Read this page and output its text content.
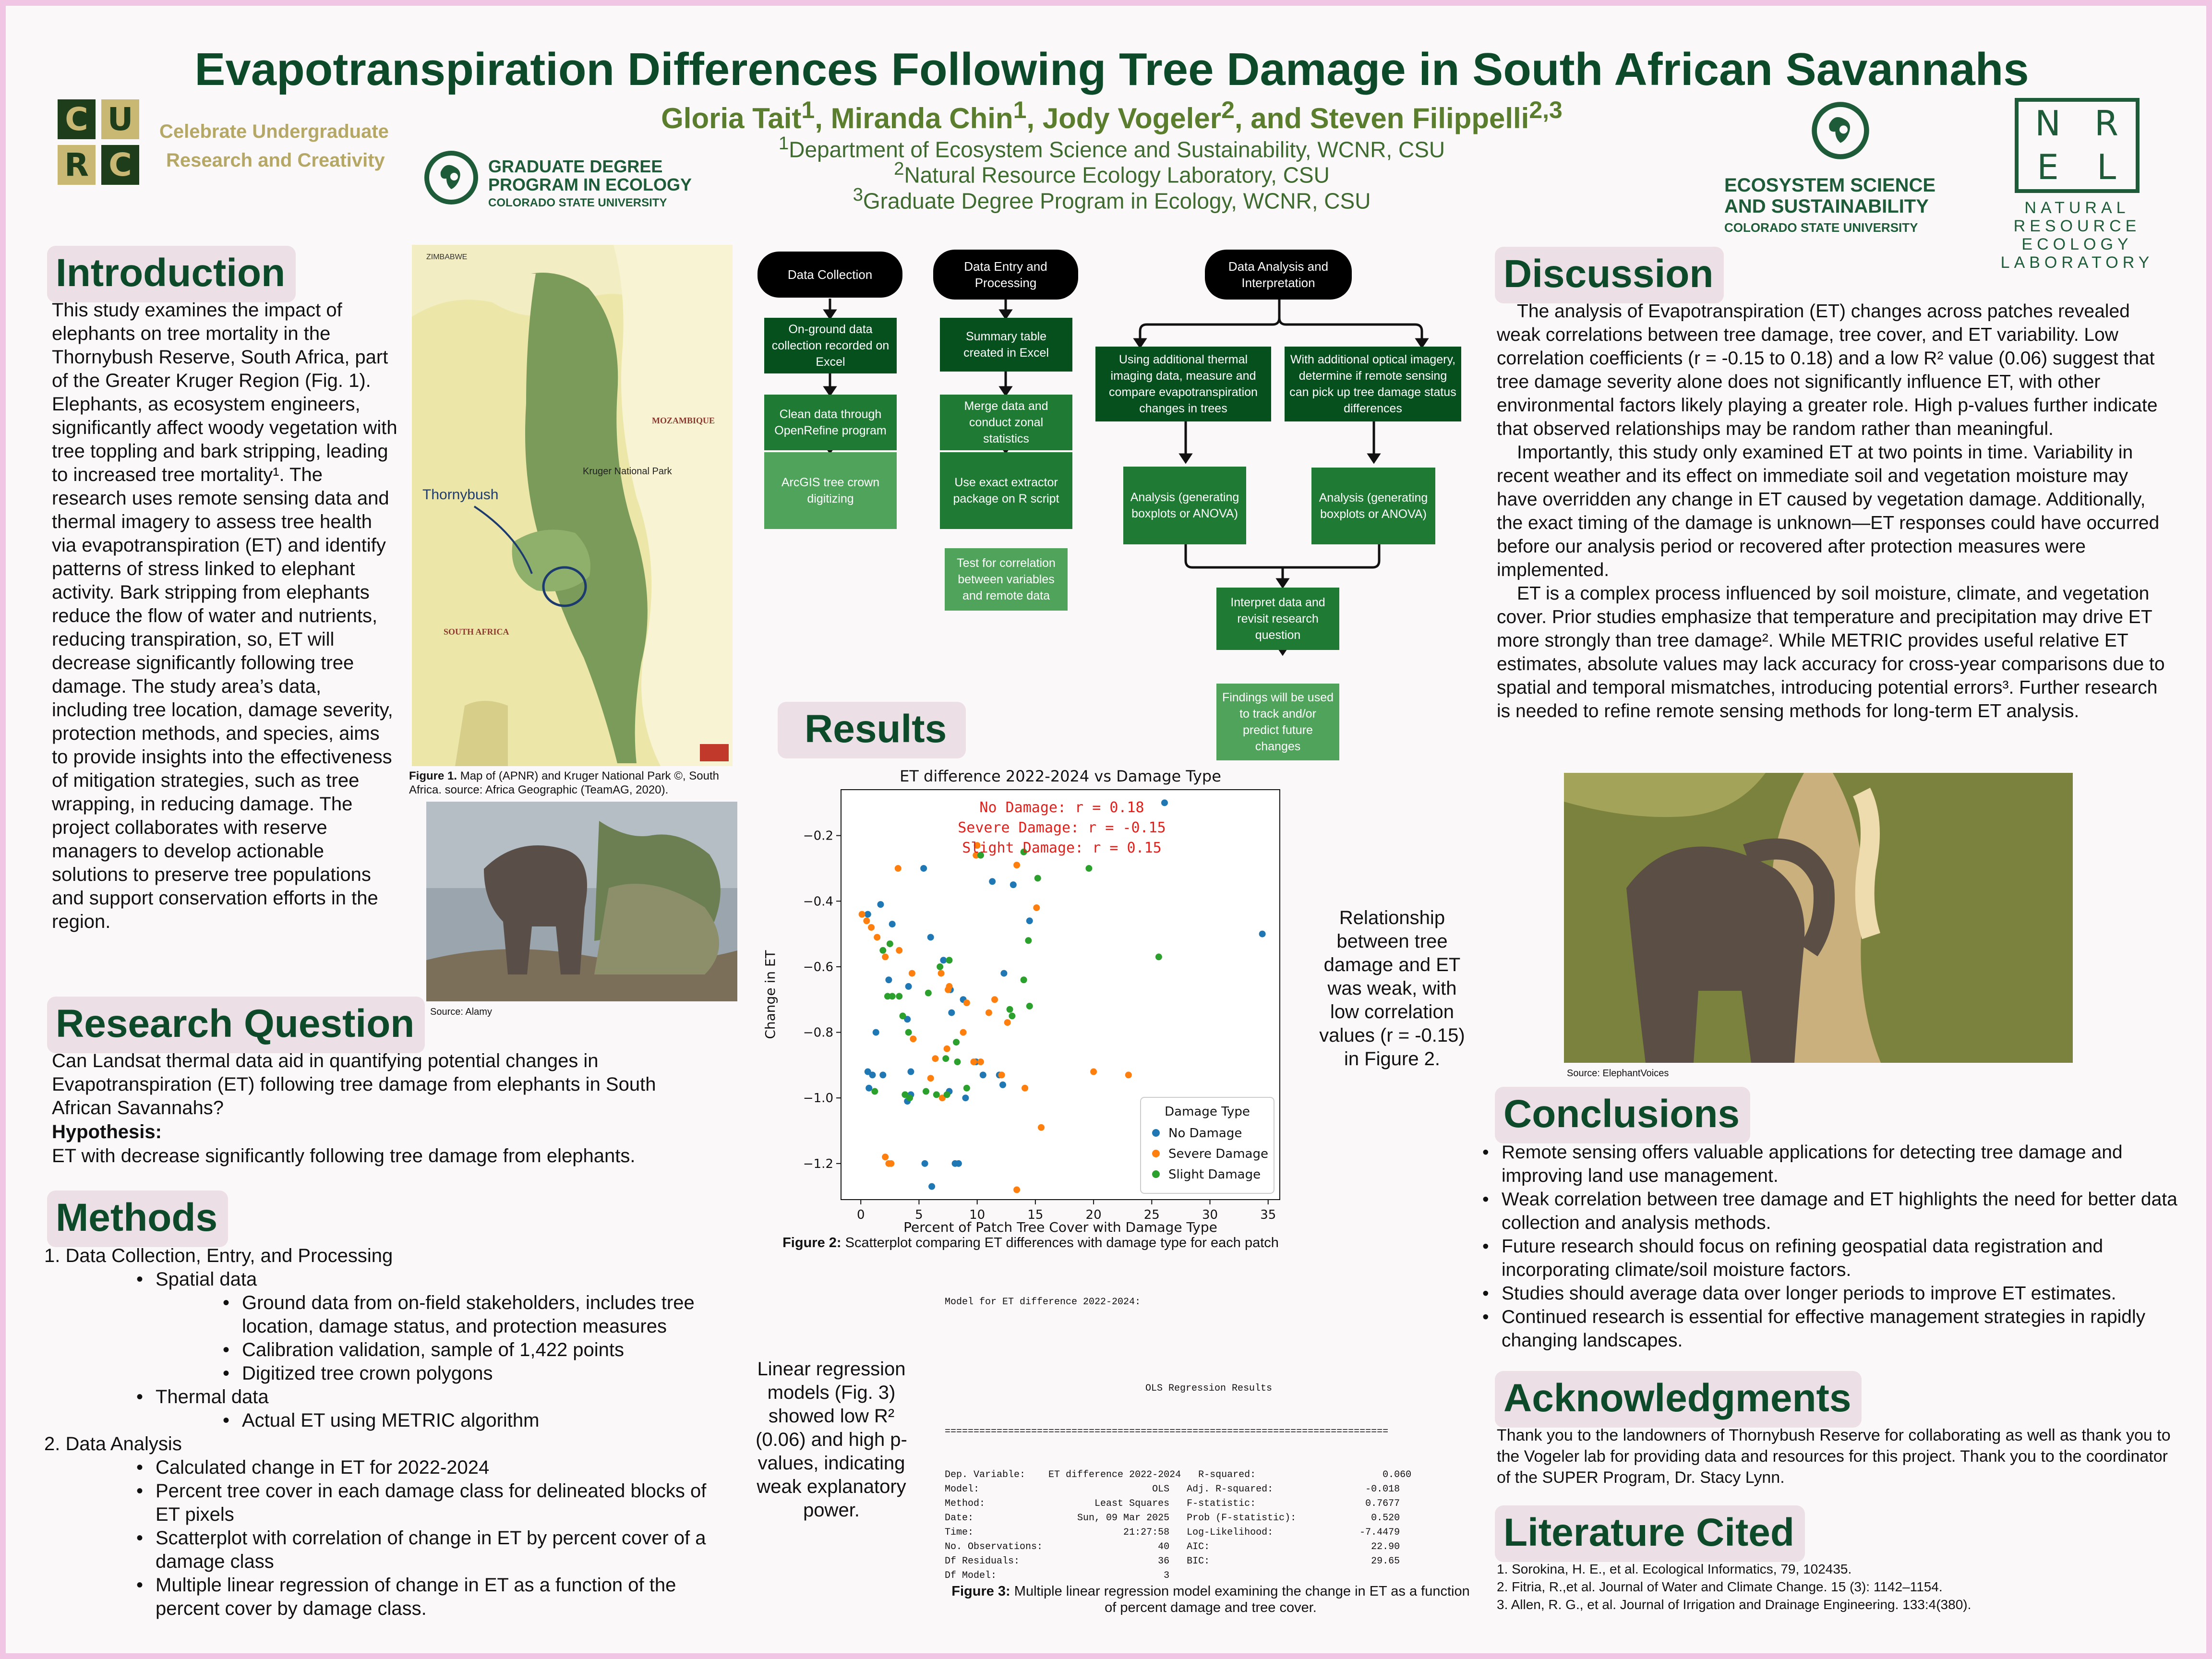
Evapotranspiration Differences Following Tree Damage in South African Savannahs
Gloria Tait$^1$, Miranda Chin$^1$, Jody Vogeler$^2$, and Steven Filippelli$^{2,3}$
$^1$Department of Ecosystem Science and Sustainability, WCNR, CSU
$^2$Natural Resource Ecology Laboratory, CSU
$^3$Graduate Degree Program in Ecology, WCNR, CSU
C U
R C
Celebrate Undergraduate
Research and Creativity	GRADUATE DEGREE
PROGRAM IN ECOLOGY
COLORADO STATE UNIVERSITY
ECOSYSTEM SCIENCE
AND SUSTAINABILITY
COLORADO STATE UNIVERSITY
N R
E	L
NATURAL
RESOURCE
ECOLOGY
LABORATORY
Introduction
This study examines the impact of elephants on tree mortality in the Thornybush Reserve, South Africa, part of the Greater Kruger Region (Fig. 1). Elephants, as ecosystem engineers, significantly affect woody vegetation with tree toppling and bark stripping, leading to increased tree mortality¹. The research uses remote sensing data and thermal imagery to assess tree health via evapotranspiration (ET) and identify patterns of stress linked to elephant activity. Bark stripping from elephants reduce the flow of water and nutrients, reducing transpiration, so, ET will decrease significantly following tree damage. The study area’s data, including tree location, damage severity, protection methods, and species, aims to provide insights into the effectiveness of mitigation strategies, such as tree wrapping, in reducing damage. The project collaborates with reserve managers to develop actionable solutions to preserve tree populations and support conservation efforts in the region.
ZIMBABWE
MOZAMBIQUE
Kruger National Park
SOUTH AFRICA
Thornybush
Figure 1. Map of (APNR) and Kruger National Park ©, South Africa. source: Africa Geographic (TeamAG, 2020).
Source: Alamy
Research Question
Can Landsat thermal data aid in quantifying potential changes in Evapotranspiration (ET) following tree damage from elephants in South African Savannahs?
Hypothesis:
ET with decrease significantly following tree damage from elephants.
Methods
1. Data Collection, Entry, and Processing
• Spatial data
• Ground data from on-field stakeholders, includes tree location, damage status, and protection measures
• Calibration validation, sample of 1,422 points
• Digitized tree crown polygons
• Thermal data
• Actual ET using METRIC algorithm
2. Data Analysis
• Calculated change in ET for 2022-2024
• Percent tree cover in each damage class for delineated blocks of ET pixels
• Scatterplot with correlation of change in ET by percent cover of a damage class
• Multiple linear regression of change in ET as a function of the percent cover by damage class.
Data Collection
On-ground data collection recorded on Excel
Clean data through OpenRefine program
ArcGIS tree crown digitizing
Data Entry and Processing
Summary table created in Excel
Merge data and conduct zonal statistics
Use exact extractor package on R script
Test for correlation between variables and remote data
Data Analysis and Interpretation
Using additional thermal imaging data, measure and compare evapotranspiration changes in trees
With additional optical imagery, determine if remote sensing can pick up tree damage status differences
Analysis (generating boxplots or ANOVA)
Analysis (generating boxplots or ANOVA)
Interpret data and revisit research question
Findings will be used to track and/or predict future changes
Results
ET difference 2022-2024 vs Damage Type
−1.2
−1.0
−0.8
−0.6
−0.4
−0.2
0	5	10	15	20	25	30	35
Percent of Patch Tree Cover with Damage Type
Change in ET
No Damage: r = 0.18
Severe Damage: r = -0.15
Slight Damage: r = 0.15
Damage Type
No Damage
Severe Damage
Slight Damage
Figure 2: Scatterplot comparing ET differences with damage type for each patch
Relationship between tree damage and ET was weak, with low correlation values (r = -0.15) in Figure 2.
Linear regression models (Fig. 3) showed low R² (0.06) and high p-values, indicating weak explanatory power.

Model for ET difference 2022-2024:

OLS Regression Results

=============================================================================

Dep. Variable:    ET difference 2022-2024   R-squared:                      0.060
Model:                              OLS   Adj. R-squared:                -0.018
Method:                   Least Squares   F-statistic:                   0.7677
Date:                  Sun, 09 Mar 2025   Prob (F-statistic):             0.520
Time:                          21:27:58   Log-Likelihood:               -7.4479
No. Observations:                    40   AIC:                            22.90
Df Residuals:                        36   BIC:                            29.65
Df Model:                             3

Figure 3: Multiple linear regression model examining the change in ET as a function of percent damage and tree cover.
Discussion
The analysis of Evapotranspiration (ET) changes across patches revealed weak correlations between tree damage, tree cover, and ET variability. Low correlation coefficients (r = -0.15 to 0.18) and a low R² value (0.06) suggest that tree damage severity alone does not significantly influence ET, with other environmental factors likely playing a greater role. High p-values further indicate that observed relationships may be random rather than meaningful.
Importantly, this study only examined ET at two points in time. Variability in recent weather and its effect on immediate soil and vegetation moisture may have overridden any change in ET caused by vegetation damage. Additionally, the exact timing of the damage is unknown—ET responses could have occurred before our analysis period or recovered after protection measures were implemented.
ET is a complex process influenced by soil moisture, climate, and vegetation cover. Prior studies emphasize that temperature and precipitation may drive ET more strongly than tree damage². While METRIC provides useful relative ET estimates, absolute values may lack accuracy for cross-year comparisons due to spatial and temporal mismatches, introducing potential errors³. Further research is needed to refine remote sensing methods for long-term ET analysis.
Source: ElephantVoices
Conclusions
• Remote sensing offers valuable applications for detecting tree damage and improving land use management.
• Weak correlation between tree damage and ET highlights the need for better data collection and analysis methods.
• Future research should focus on refining geospatial data registration and incorporating climate/soil moisture factors.
• Studies should average data over longer periods to improve ET estimates.
• Continued research is essential for effective management strategies in rapidly changing landscapes.
Acknowledgments
Thank you to the landowners of Thornybush Reserve for collaborating as well as thank you to the Vogeler lab for providing data and resources for this project. Thank you to the coordinator of the SUPER Program, Dr. Stacy Lynn.
Literature Cited
1. Sorokina, H. E., et al. Ecological Informatics, 79, 102435.
2. Fitria, R.,et al. Journal of Water and Climate Change. 15 (3): 1142–1154.
3. Allen, R. G., et al. Journal of Irrigation and Drainage Engineering. 133:4(380).
